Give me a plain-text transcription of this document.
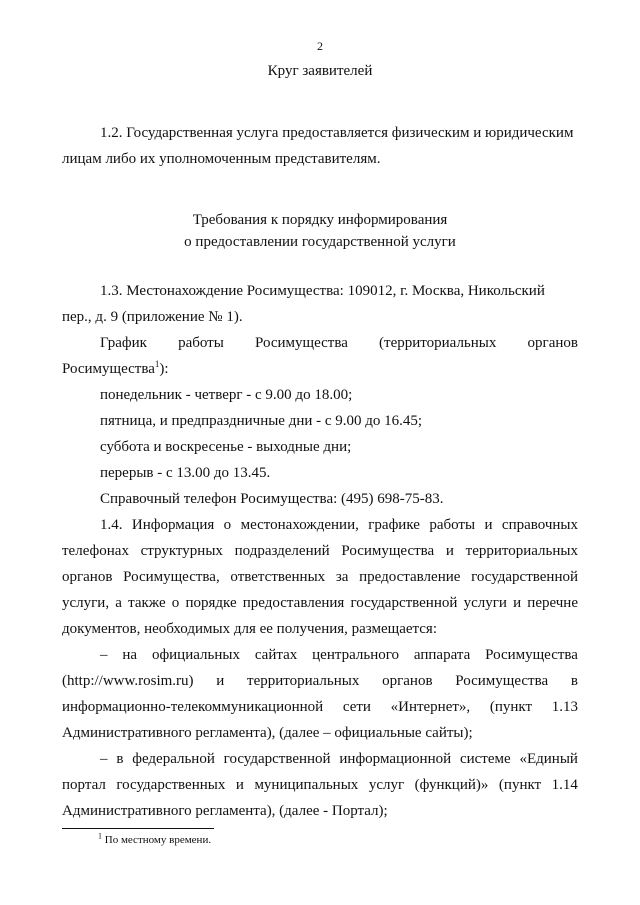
2
Круг заявителей
1.2. Государственная услуга предоставляется физическим и юридическим
лицам либо их уполномоченным представителям.
Требования к порядку информирования
о предоставлении государственной услуги
1.3. Местонахождение Росимущества: 109012, г. Москва, Никольский
пер., д. 9 (приложение № 1).
График работы Росимущества (территориальных органов
Росимущества$^1$):
понедельник - четверг - с 9.00 до 18.00;
пятница, и предпраздничные дни - с 9.00 до 16.45;
суббота и воскресенье - выходные дни;
перерыв - с 13.00 до 13.45.
Справочный телефон Росимущества: (495) 698-75-83.
1.4. Информация о местонахождении, графике работы и справочных
телефонах структурных подразделений Росимущества и территориальных
органов Росимущества, ответственных за предоставление государственной
услуги, а также о порядке предоставления государственной услуги и перечне
документов, необходимых для ее получения, размещается:
– на официальных сайтах центрального аппарата Росимущества
(http://www.rosim.ru) и территориальных органов Росимущества в
информационно-телекоммуникационной сети «Интернет», (пункт 1.13
Административного регламента), (далее – официальные сайты);
– в федеральной государственной информационной системе «Единый
портал государственных и муниципальных услуг (функций)» (пункт 1.14
Административного регламента), (далее - Портал);
$^1$ По местному времени.
